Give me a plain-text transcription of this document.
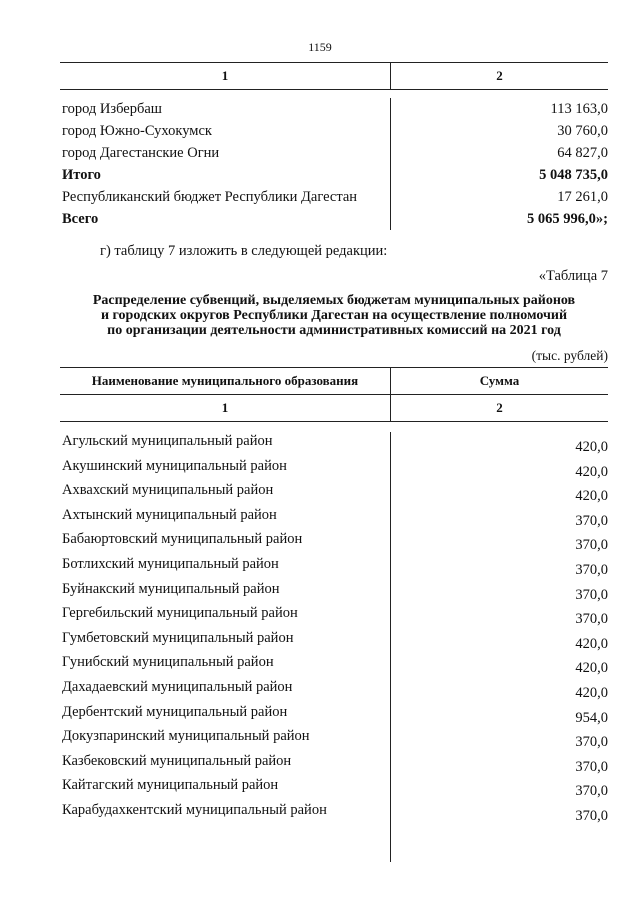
1159
1	2
город Избербаш	113 163,0
город Южно-Сухокумск	30 760,0
город Дагестанские Огни	64 827,0
Итого	5 048 735,0
Республиканский бюджет Республики Дагестан	17 261,0
Всего	5 065 996,0»;
г) таблицу 7 изложить в следующей редакции:
«Таблица 7
Распределение субвенций, выделяемых бюджетам муниципальных районов
и городских округов Республики Дагестан на осуществление полномочий
по организации деятельности административных комиссий на 2021 год
(тыс. рублей)
Наименование муниципального образования	Сумма
1	2
Агульский муниципальный район	420,0
Акушинский муниципальный район	420,0
Ахвахский муниципальный район	420,0
Ахтынский муниципальный район	370,0
Бабаюртовский муниципальный район	370,0
Ботлихский муниципальный район	370,0
Буйнакский муниципальный район	370,0
Гергебильский муниципальный район	370,0
Гумбетовский муниципальный район	420,0
Гунибский муниципальный район	420,0
Дахадаевский муниципальный район	420,0
Дербентский муниципальный район	954,0
Докузпаринский муниципальный район	370,0
Казбековский муниципальный район	370,0
Кайтагский муниципальный район	370,0
Карабудахкентский муниципальный район	370,0
